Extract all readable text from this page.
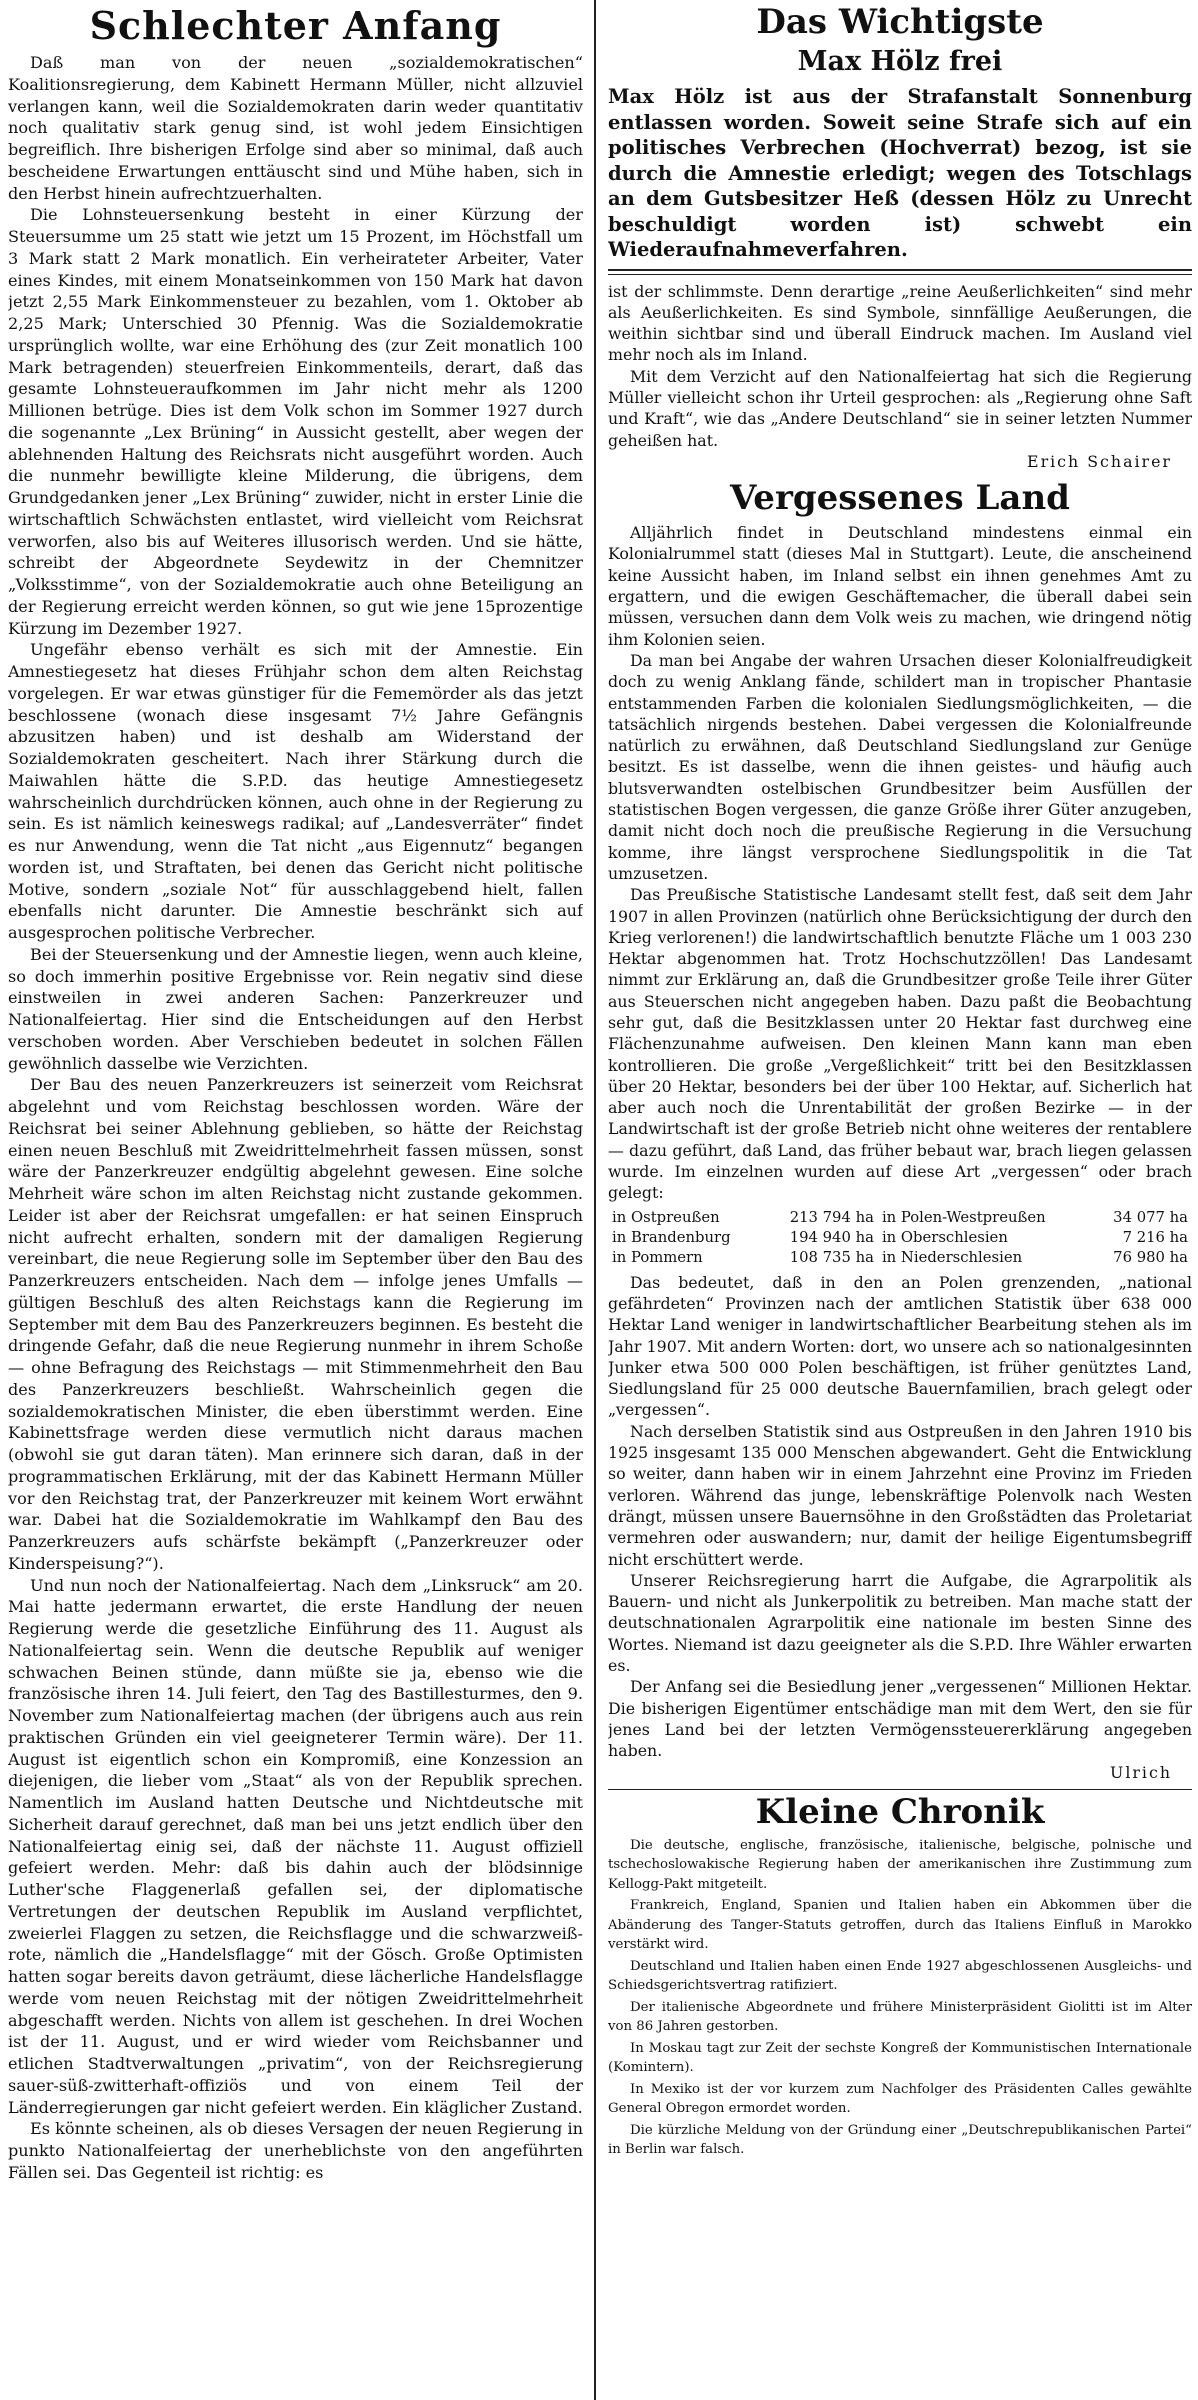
Schlechter Anfang

Daß man von der neuen „sozialdemokratischen“ Koalitionsregierung, dem Kabinett Hermann Müller, nicht allzuviel verlangen kann, weil die Sozialdemokraten darin weder quantitativ noch qualitativ stark genug sind, ist wohl jedem Einsichtigen begreiflich. Ihre bisherigen Erfolge sind aber so minimal, daß auch bescheidene Erwartungen enttäuscht sind und Mühe haben, sich in den Herbst hinein aufrechtzuerhalten.

Die Lohnsteuersenkung besteht in einer Kürzung der Steuersumme um 25 statt wie jetzt um 15 Prozent, im Höchstfall um 3 Mark statt 2 Mark monatlich. Ein verheirateter Arbeiter, Vater eines Kindes, mit einem Monatseinkommen von 150 Mark hat davon jetzt 2,55 Mark Einkommensteuer zu bezahlen, vom 1. Oktober ab 2,25 Mark; Unterschied 30 Pfennig. Was die Sozialdemokratie ursprünglich wollte, war eine Erhöhung des (zur Zeit monatlich 100 Mark betragenden) steuerfreien Einkommenteils, derart, daß das gesamte Lohnsteueraufkommen im Jahr nicht mehr als 1200 Millionen betrüge. Dies ist dem Volk schon im Sommer 1927 durch die sogenannte „Lex Brüning“ in Aussicht gestellt, aber wegen der ablehnenden Haltung des Reichsrats nicht ausgeführt worden. Auch die nunmehr bewilligte kleine Milderung, die übrigens, dem Grundgedanken jener „Lex Brüning“ zuwider, nicht in erster Linie die wirtschaftlich Schwächsten entlastet, wird vielleicht vom Reichsrat verworfen, also bis auf Weiteres illusorisch werden. Und sie hätte, schreibt der Abgeordnete Seydewitz in der Chemnitzer „Volksstimme“, von der Sozialdemokratie auch ohne Beteiligung an der Regierung erreicht werden können, so gut wie jene 15prozentige Kürzung im Dezember 1927.

Ungefähr ebenso verhält es sich mit der Amnestie. Ein Amnestiegesetz hat dieses Frühjahr schon dem alten Reichstag vorgelegen. Er war etwas günstiger für die Fememörder als das jetzt beschlossene (wonach diese insgesamt 7½ Jahre Gefängnis abzusitzen haben) und ist deshalb am Widerstand der Sozialdemokraten gescheitert. Nach ihrer Stärkung durch die Maiwahlen hätte die S.P.D. das heutige Amnestiegesetz wahrscheinlich durchdrücken können, auch ohne in der Regierung zu sein. Es ist nämlich keineswegs radikal; auf „Landesverräter“ findet es nur Anwendung, wenn die Tat nicht „aus Eigennutz“ begangen worden ist, und Straftaten, bei denen das Gericht nicht politische Motive, sondern „soziale Not“ für ausschlaggebend hielt, fallen ebenfalls nicht darunter. Die Amnestie beschränkt sich auf ausgesprochen politische Verbrecher.

Bei der Steuersenkung und der Amnestie liegen, wenn auch kleine, so doch immerhin positive Ergebnisse vor. Rein negativ sind diese einstweilen in zwei anderen Sachen: Panzerkreuzer und Nationalfeiertag. Hier sind die Entscheidungen auf den Herbst verschoben worden. Aber Verschieben bedeutet in solchen Fällen gewöhnlich dasselbe wie Verzichten.

Der Bau des neuen Panzerkreuzers ist seinerzeit vom Reichsrat abgelehnt und vom Reichstag beschlossen worden. Wäre der Reichsrat bei seiner Ablehnung geblieben, so hätte der Reichstag einen neuen Beschluß mit Zweidrittelmehrheit fassen müssen, sonst wäre der Panzerkreuzer endgültig abgelehnt gewesen. Eine solche Mehrheit wäre schon im alten Reichstag nicht zustande gekommen. Leider ist aber der Reichsrat umgefallen: er hat seinen Einspruch nicht aufrecht erhalten, sondern mit der damaligen Regierung vereinbart, die neue Regierung solle im September über den Bau des Panzerkreuzers entscheiden. Nach dem — infolge jenes Umfalls — gültigen Beschluß des alten Reichstags kann die Regierung im September mit dem Bau des Panzerkreuzers beginnen. Es besteht die dringende Gefahr, daß die neue Regierung nunmehr in ihrem Schoße — ohne Befragung des Reichstags — mit Stimmenmehrheit den Bau des Panzerkreuzers beschließt. Wahrscheinlich gegen die sozialdemokratischen Minister, die eben überstimmt werden. Eine Kabinettsfrage werden diese vermutlich nicht daraus machen (obwohl sie gut daran täten). Man erinnere sich daran, daß in der programmatischen Erklärung, mit der das Kabinett Hermann Müller vor den Reichstag trat, der Panzerkreuzer mit keinem Wort erwähnt war. Dabei hat die Sozialdemokratie im Wahlkampf den Bau des Panzerkreuzers aufs schärfste bekämpft („Panzerkreuzer oder Kinderspeisung?“).

Und nun noch der Nationalfeiertag. Nach dem „Linksruck“ am 20. Mai hatte jedermann erwartet, die erste Handlung der neuen Regierung werde die gesetzliche Einführung des 11. August als Nationalfeiertag sein. Wenn die deutsche Republik auf weniger schwachen Beinen stünde, dann müßte sie ja, ebenso wie die französische ihren 14. Juli feiert, den Tag des Bastillesturmes, den 9. November zum Nationalfeiertag machen (der übrigens auch aus rein praktischen Gründen ein viel geeigneterer Termin wäre). Der 11. August ist eigentlich schon ein Kompromiß, eine Konzession an diejenigen, die lieber vom „Staat“ als von der Republik sprechen. Namentlich im Ausland hatten Deutsche und Nichtdeutsche mit Sicherheit darauf gerechnet, daß man bei uns jetzt endlich über den Nationalfeiertag einig sei, daß der nächste 11. August offiziell gefeiert werden. Mehr: daß bis dahin auch der blödsinnige Luther'sche Flaggenerlaß gefallen sei, der diplomatische Vertretungen der deutschen Republik im Ausland verpflichtet, zweierlei Flaggen zu setzen, die Reichsflagge und die schwarzweiß-rote, nämlich die „Handelsflagge“ mit der Gösch. Große Optimisten hatten sogar bereits davon geträumt, diese lächerliche Handelsflagge werde vom neuen Reichstag mit der nötigen Zweidrittelmehrheit abgeschafft werden. Nichts von allem ist geschehen. In drei Wochen ist der 11. August, und er wird wieder vom Reichsbanner und etlichen Stadtverwaltungen „privatim“, von der Reichsregierung sauer-süß-zwitterhaft-offiziös und von einem Teil der Länderregierungen gar nicht gefeiert werden. Ein kläglicher Zustand.

Es könnte scheinen, als ob dieses Versagen der neuen Regierung in punkto Nationalfeiertag der unerheblichste von den angeführten Fällen sei. Das Gegenteil ist richtig: es

Das Wichtigste
Max Hölz frei

Max Hölz ist aus der Strafanstalt Sonnenburg entlassen worden. Soweit seine Strafe sich auf ein politisches Verbrechen (Hochverrat) bezog, ist sie durch die Amnestie erledigt; wegen des Totschlags an dem Gutsbesitzer Heß (dessen Hölz zu Unrecht beschuldigt worden ist) schwebt ein Wiederaufnahmeverfahren.

ist der schlimmste. Denn derartige „reine Aeußerlichkeiten“ sind mehr als Aeußerlichkeiten. Es sind Symbole, sinnfällige Aeußerungen, die weithin sichtbar sind und überall Eindruck machen. Im Ausland viel mehr noch als im Inland.

Mit dem Verzicht auf den Nationalfeiertag hat sich die Regierung Müller vielleicht schon ihr Urteil gesprochen: als „Regierung ohne Saft und Kraft“, wie das „Andere Deutschland“ sie in seiner letzten Nummer geheißen hat.

Erich Schairer
Vergessenes Land

Alljährlich findet in Deutschland mindestens einmal ein Kolonialrummel statt (dieses Mal in Stuttgart). Leute, die anscheinend keine Aussicht haben, im Inland selbst ein ihnen genehmes Amt zu ergattern, und die ewigen Geschäftemacher, die überall dabei sein müssen, versuchen dann dem Volk weis zu machen, wie dringend nötig ihm Kolonien seien.

Da man bei Angabe der wahren Ursachen dieser Kolonialfreudigkeit doch zu wenig Anklang fände, schildert man in tropischer Phantasie entstammenden Farben die kolonialen Siedlungsmöglichkeiten, — die tatsächlich nirgends bestehen. Dabei vergessen die Kolonialfreunde natürlich zu erwähnen, daß Deutschland Siedlungsland zur Genüge besitzt. Es ist dasselbe, wenn die ihnen geistes- und häufig auch blutsverwandten ostelbischen Grundbesitzer beim Ausfüllen der statistischen Bogen vergessen, die ganze Größe ihrer Güter anzugeben, damit nicht doch noch die preußische Regierung in die Versuchung komme, ihre längst versprochene Siedlungspolitik in die Tat umzusetzen.

Das Preußische Statistische Landesamt stellt fest, daß seit dem Jahr 1907 in allen Provinzen (natürlich ohne Berücksichtigung der durch den Krieg verlorenen!) die landwirtschaftlich benutzte Fläche um 1 003 230 Hektar abgenommen hat. Trotz Hochschutzzöllen! Das Landesamt nimmt zur Erklärung an, daß die Grundbesitzer große Teile ihrer Güter aus Steuerschen nicht angegeben haben. Dazu paßt die Beobachtung sehr gut, daß die Besitzklassen unter 20 Hektar fast durchweg eine Flächenzunahme aufweisen. Den kleinen Mann kann man eben kontrollieren. Die große „Vergeßlichkeit“ tritt bei den Besitzklassen über 20 Hektar, besonders bei der über 100 Hektar, auf. Sicherlich hat aber auch noch die Unrentabilität der großen Bezirke — in der Landwirtschaft ist der große Betrieb nicht ohne weiteres der rentablere — dazu geführt, daß Land, das früher bebaut war, brach liegen gelassen wurde. Im einzelnen wurden auf diese Art „vergessen“ oder brach gelegt:

in Ostpreußen	213 794 ha	in Polen-Westpreußen	34 077 ha
in Brandenburg	194 940 ha	in Oberschlesien	7 216 ha
in Pommern	108 735 ha	in Niederschlesien	76 980 ha

Das bedeutet, daß in den an Polen grenzenden, „national gefährdeten“ Provinzen nach der amtlichen Statistik über 638 000 Hektar Land weniger in landwirtschaftlicher Bearbeitung stehen als im Jahr 1907. Mit andern Worten: dort, wo unsere ach so nationalgesinnten Junker etwa 500 000 Polen beschäftigen, ist früher genütztes Land, Siedlungsland für 25 000 deutsche Bauernfamilien, brach gelegt oder „vergessen“.

Nach derselben Statistik sind aus Ostpreußen in den Jahren 1910 bis 1925 insgesamt 135 000 Menschen abgewandert. Geht die Entwicklung so weiter, dann haben wir in einem Jahrzehnt eine Provinz im Frieden verloren. Während das junge, lebenskräftige Polenvolk nach Westen drängt, müssen unsere Bauernsöhne in den Großstädten das Proletariat vermehren oder auswandern; nur, damit der heilige Eigentumsbegriff nicht erschüttert werde.

Unserer Reichsregierung harrt die Aufgabe, die Agrarpolitik als Bauern- und nicht als Junkerpolitik zu betreiben. Man mache statt der deutschnationalen Agrarpolitik eine nationale im besten Sinne des Wortes. Niemand ist dazu geeigneter als die S.P.D. Ihre Wähler erwarten es.

Der Anfang sei die Besiedlung jener „vergessenen“ Millionen Hektar. Die bisherigen Eigentümer entschädige man mit dem Wert, den sie für jenes Land bei der letzten Vermögenssteuererklärung angegeben haben.

Ulrich
Kleine Chronik

Die deutsche, englische, französische, italienische, belgische, polnische und tschechoslowakische Regierung haben der amerikanischen ihre Zustimmung zum Kellogg-Pakt mitgeteilt.

Frankreich, England, Spanien und Italien haben ein Abkommen über die Abänderung des Tanger-Statuts getroffen, durch das Italiens Einfluß in Marokko verstärkt wird.

Deutschland und Italien haben einen Ende 1927 abgeschlossenen Ausgleichs- und Schiedsgerichtsvertrag ratifiziert.

Der italienische Abgeordnete und frühere Ministerpräsident Giolitti ist im Alter von 86 Jahren gestorben.

In Moskau tagt zur Zeit der sechste Kongreß der Kommunistischen Internationale (Komintern).

In Mexiko ist der vor kurzem zum Nachfolger des Präsidenten Calles gewählte General Obregon ermordet worden.

Die kürzliche Meldung von der Gründung einer „Deutschrepublikanischen Partei“ in Berlin war falsch.
